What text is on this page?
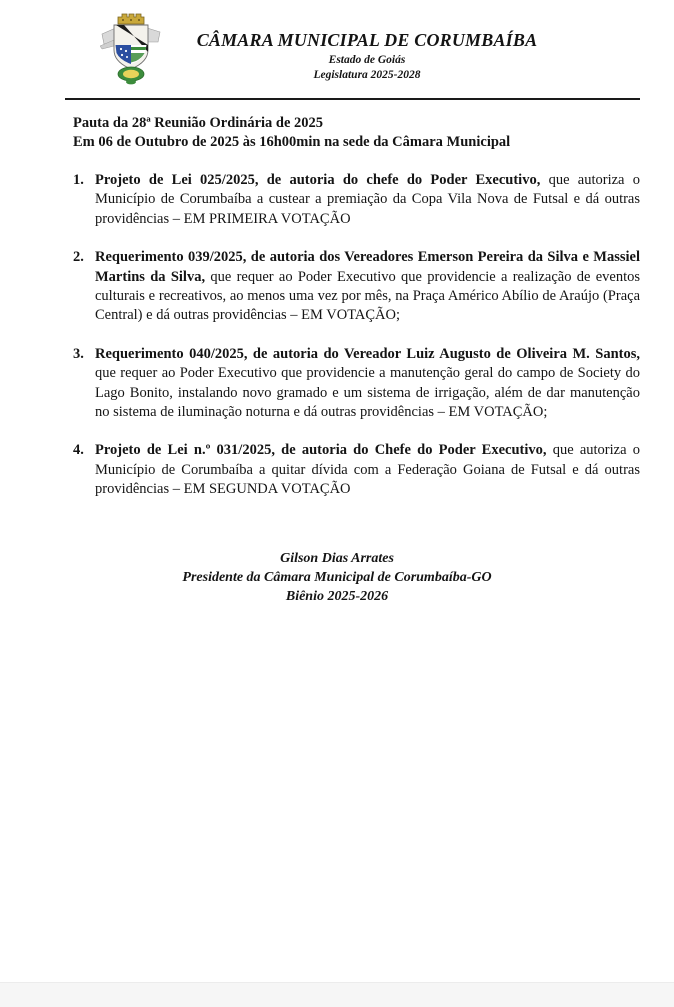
CÂMARA MUNICIPAL DE CORUMBAÍBA
Estado de Goiás
Legislatura 2025-2028
Pauta da 28ª Reunião Ordinária de 2025
Em 06 de Outubro de 2025 às 16h00min na sede da Câmara Municipal
1. Projeto de Lei 025/2025, de autoria do chefe do Poder Executivo, que autoriza o Município de Corumbaíba a custear a premiação da Copa Vila Nova de Futsal e dá outras providências – EM PRIMEIRA VOTAÇÃO
2. Requerimento 039/2025, de autoria dos Vereadores Emerson Pereira da Silva e Massiel Martins da Silva, que requer ao Poder Executivo que providencie a realização de eventos culturais e recreativos, ao menos uma vez por mês, na Praça Américo Abílio de Araújo (Praça Central) e dá outras providências – EM VOTAÇÃO;
3. Requerimento 040/2025, de autoria do Vereador Luiz Augusto de Oliveira M. Santos, que requer ao Poder Executivo que providencie a manutenção geral do campo de Society do Lago Bonito, instalando novo gramado e um sistema de irrigação, além de dar manutenção no sistema de iluminação noturna e dá outras providências – EM VOTAÇÃO;
4. Projeto de Lei n.º 031/2025, de autoria do Chefe do Poder Executivo, que autoriza o Município de Corumbaíba a quitar dívida com a Federação Goiana de Futsal e dá outras providências – EM SEGUNDA VOTAÇÃO
Gilson Dias Arrates
Presidente da Câmara Municipal de Corumbaíba-GO
Biênio 2025-2026
